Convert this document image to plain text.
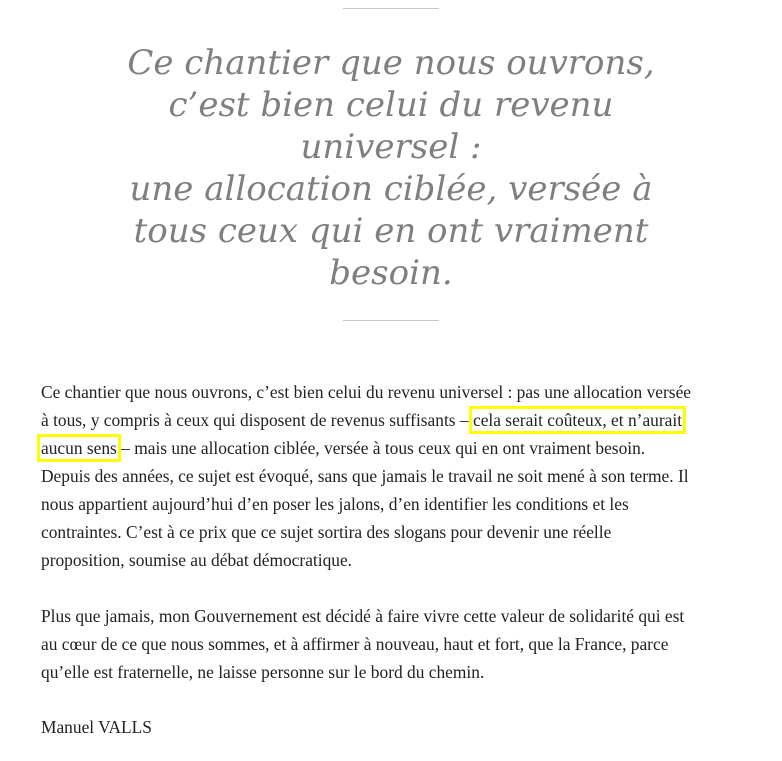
Ce chantier que nous ouvrons,
c’est bien celui du revenu
universel :
une allocation ciblée, versée à
tous ceux qui en ont vraiment
besoin.

Ce chantier que nous ouvrons, c’est bien celui du revenu universel : pas une allocation versée
à tous, y compris à ceux qui disposent de revenus suffisants – cela serait coûteux, et n’aurait
aucun sens – mais une allocation ciblée, versée à tous ceux qui en ont vraiment besoin.
Depuis des années, ce sujet est évoqué, sans que jamais le travail ne soit mené à son terme. Il
nous appartient aujourd’hui d’en poser les jalons, d’en identifier les conditions et les
contraintes. C’est à ce prix que ce sujet sortira des slogans pour devenir une réelle
proposition, soumise au débat démocratique.

Plus que jamais, mon Gouvernement est décidé à faire vivre cette valeur de solidarité qui est
au cœur de ce que nous sommes, et à affirmer à nouveau, haut et fort, que la France, parce
qu’elle est fraternelle, ne laisse personne sur le bord du chemin.

Manuel VALLS
